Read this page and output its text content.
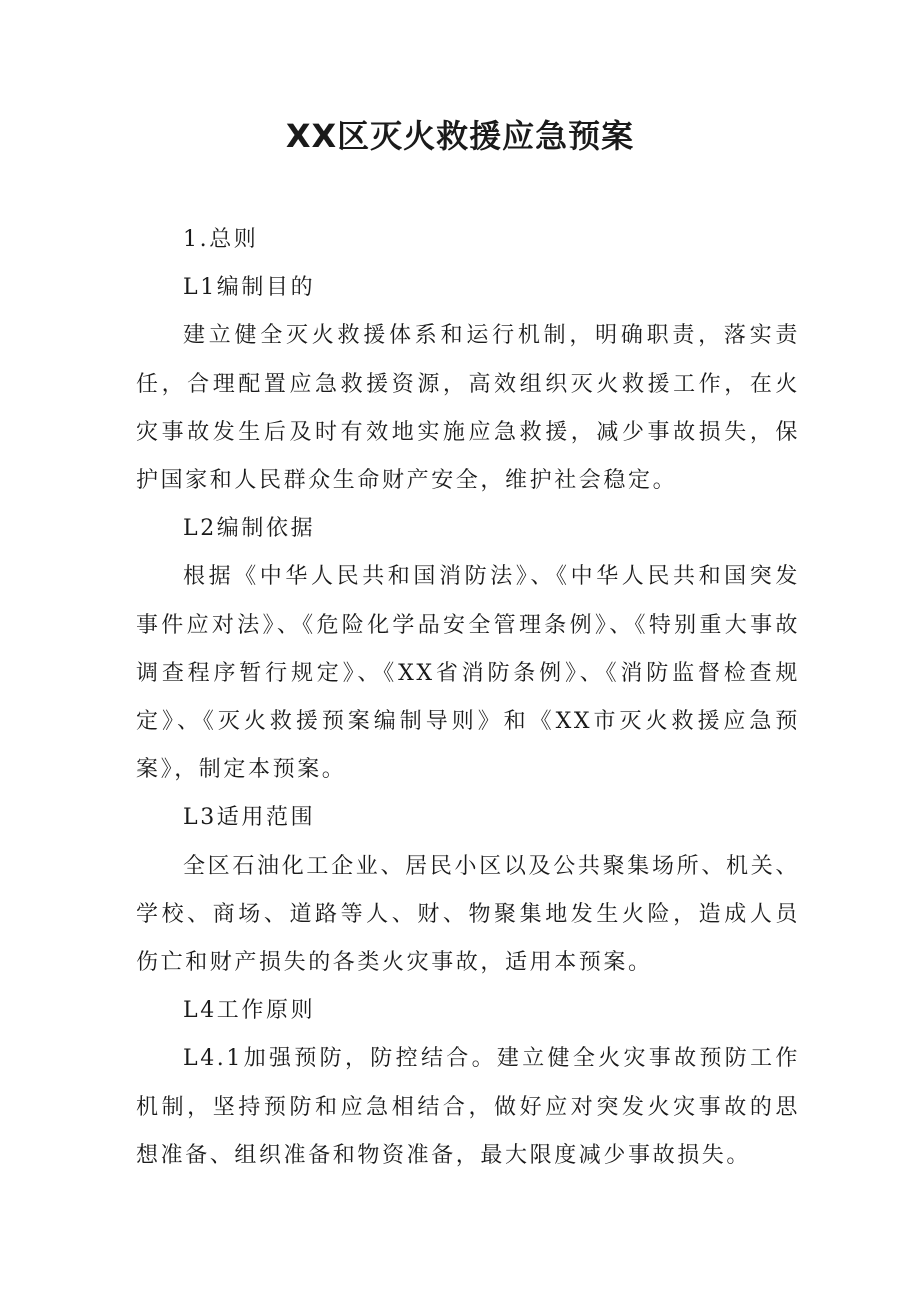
XX区灭火救援应急预案

1.总则

L1编制目的

建立健全灭火救援体系和运行机制，明确职责，落实责任，合理配置应急救援资源，高效组织灭火救援工作，在火灾事故发生后及时有效地实施应急救援，减少事故损失，保护国家和人民群众生命财产安全，维护社会稳定。

L2编制依据

根据《中华人民共和国消防法》、《中华人民共和国突发事件应对法》、《危险化学品安全管理条例》、《特别重大事故调查程序暂行规定》、《XX省消防条例》、《消防监督检查规定》、《灭火救援预案编制导则》和《XX市灭火救援应急预案》，制定本预案。

L3适用范围

全区石油化工企业、居民小区以及公共聚集场所、机关、学校、商场、道路等人、财、物聚集地发生火险，造成人员伤亡和财产损失的各类火灾事故，适用本预案。

L4工作原则

L4.1加强预防，防控结合。建立健全火灾事故预防工作机制，坚持预防和应急相结合，做好应对突发火灾事故的思想准备、组织准备和物资准备，最大限度减少事故损失。
